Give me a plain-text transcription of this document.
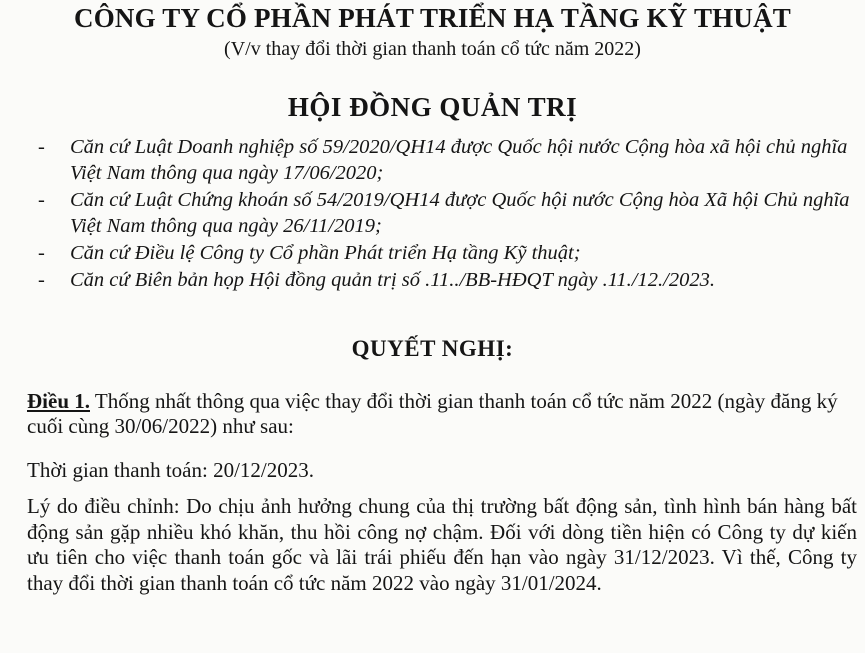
CÔNG TY CỔ PHẦN PHÁT TRIỂN HẠ TẦNG KỸ THUẬT
(V/v thay đổi thời gian thanh toán cổ tức năm 2022)
HỘI ĐỒNG QUẢN TRỊ
-	Căn cứ Luật Doanh nghiệp số 59/2020/QH14 được Quốc hội nước Cộng hòa xã hội chủ nghĩa Việt Nam thông qua ngày 17/06/2020;
-	Căn cứ Luật Chứng khoán số 54/2019/QH14 được Quốc hội nước Cộng hòa Xã hội Chủ nghĩa Việt Nam thông qua ngày 26/11/2019;
-	Căn cứ Điều lệ Công ty Cổ phần Phát triển Hạ tầng Kỹ thuật;
-	Căn cứ Biên bản họp Hội đồng quản trị số .11../BB-HĐQT ngày .11./12./2023.
QUYẾT NGHỊ:
Điều 1. Thống nhất thông qua việc thay đổi thời gian thanh toán cổ tức năm 2022 (ngày đăng ký cuối cùng 30/06/2022) như sau:
Thời gian thanh toán: 20/12/2023.
Lý do điều chỉnh: Do chịu ảnh hưởng chung của thị trường bất động sản, tình hình bán hàng bất động sản gặp nhiều khó khăn, thu hồi công nợ chậm. Đối với dòng tiền hiện có Công ty dự kiến ưu tiên cho việc thanh toán gốc và lãi trái phiếu đến hạn vào ngày 31/12/2023. Vì thế, Công ty thay đổi thời gian thanh toán cổ tức năm 2022 vào ngày 31/01/2024.
